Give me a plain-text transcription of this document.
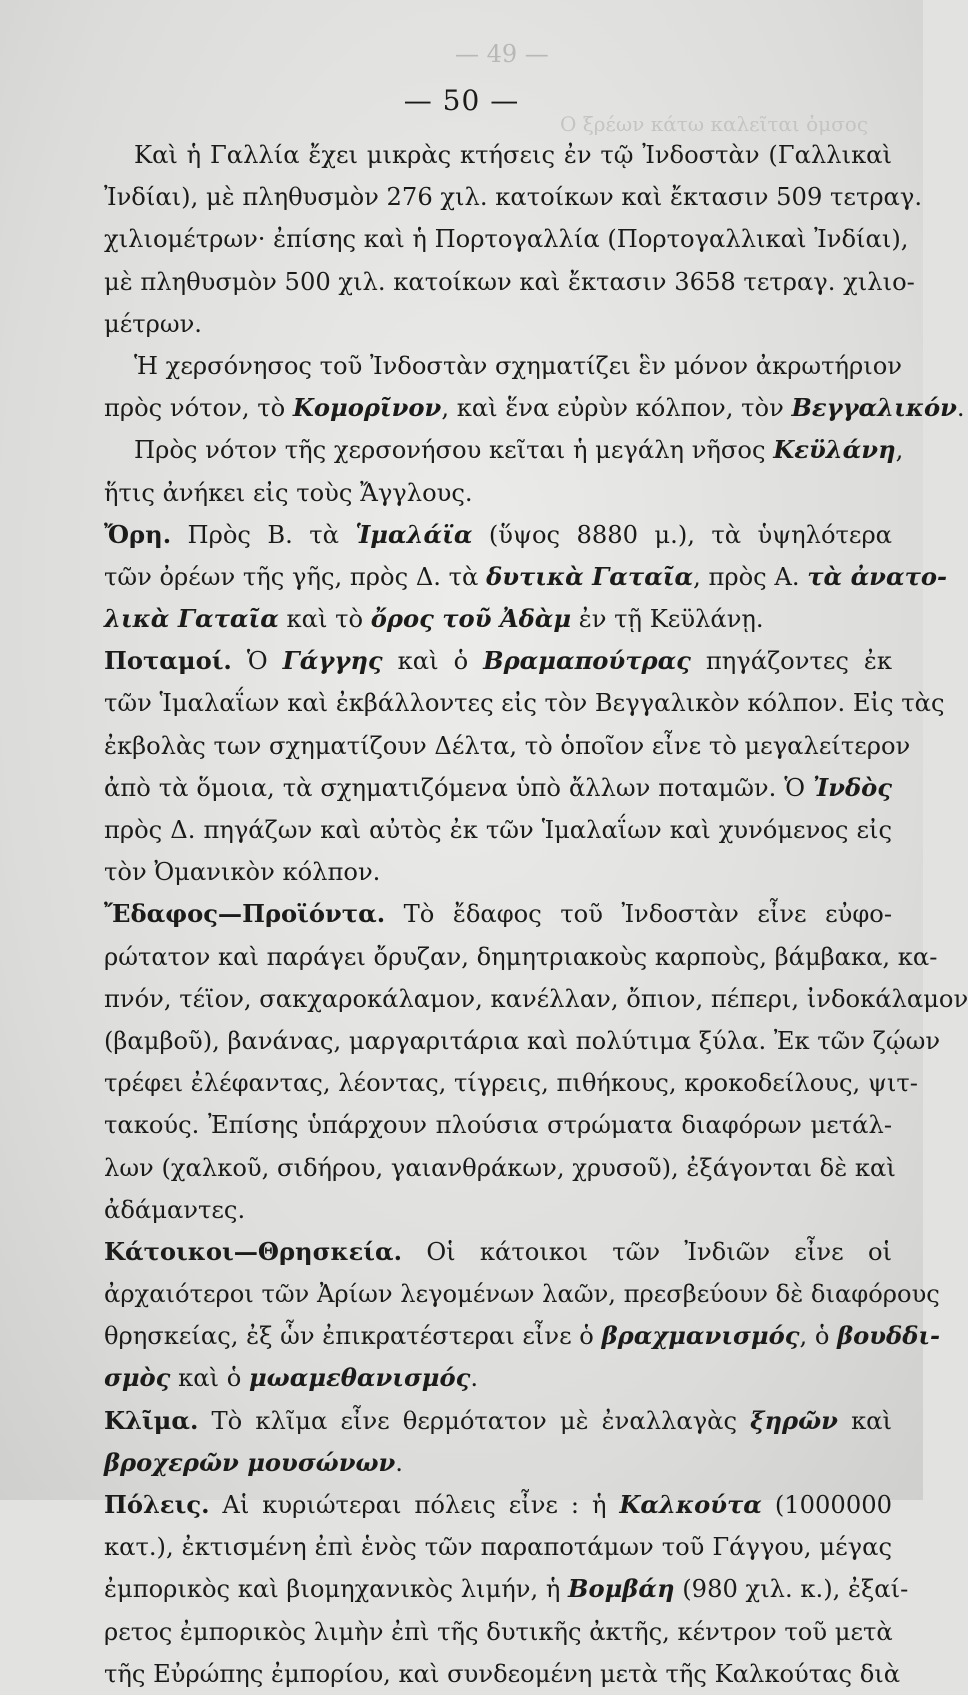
— 49 —
Ο ξρέων κάτω καλεῖται ὁμσος
— 50 —
Καὶ ἡ Γαλλία ἔχει μικρὰς κτήσεις ἐν τῷ Ἰνδοστὰν (Γαλλικαὶ
Ἰνδίαι), μὲ πληθυσμὸν 276 χιλ. κατοίκων καὶ ἔκτασιν 509 τετραγ.
χιλιομέτρων· ἐπίσης καὶ ἡ Πορτογαλλία (Πορτογαλλικαὶ Ἰνδίαι),
μὲ πληθυσμὸν 500 χιλ. κατοίκων καὶ ἔκτασιν 3658 τετραγ. χιλιο-
μέτρων.
Ἡ χερσόνησος τοῦ Ἰνδοστὰν σχηματίζει ἓν μόνον ἀκρωτήριον
πρὸς νότον, τὸ Κομορῖνον, καὶ ἕνα εὐρὺν κόλπον, τὸν Βεγγαλικόν.
Πρὸς νότον τῆς χερσονήσου κεῖται ἡ μεγάλη νῆσος Κεϋλάνη,
ἥτις ἀνήκει εἰς τοὺς Ἄγγλους.
Ὄρη. Πρὸς Β. τὰ Ἱμαλάϊα (ὕψος 8880 μ.), τὰ ὑψηλότερα
τῶν ὀρέων τῆς γῆς, πρὸς Δ. τὰ δυτικὰ Γαταῖα, πρὸς Α. τὰ ἀνατο-
λικὰ Γαταῖα καὶ τὸ ὄρος τοῦ Ἀδὰμ ἐν τῇ Κεϋλάνῃ.
Ποταμοί. Ὁ Γάγγης καὶ ὁ Βραμαπούτρας πηγάζοντες ἐκ
τῶν Ἱμαλαΐων καὶ ἐκβάλλοντες εἰς τὸν Βεγγαλικὸν κόλπον. Εἰς τὰς
ἐκβολὰς των σχηματίζουν Δέλτα, τὸ ὁποῖον εἶνε τὸ μεγαλείτερον
ἀπὸ τὰ ὅμοια, τὰ σχηματιζόμενα ὑπὸ ἄλλων ποταμῶν. Ὁ Ἰνδὸς
πρὸς Δ. πηγάζων καὶ αὐτὸς ἐκ τῶν Ἱμαλαΐων καὶ χυνόμενος εἰς
τὸν Ὀμανικὸν κόλπον.
Ἔδαφος—Προϊόντα. Τὸ ἔδαφος τοῦ Ἰνδοστὰν εἶνε εὐφο-
ρώτατον καὶ παράγει ὄρυζαν, δημητριακοὺς καρποὺς, βάμβακα, κα-
πνόν, τέϊον, σακχαροκάλαμον, κανέλλαν, ὄπιον, πέπερι, ἰνδοκάλαμον
(βαμβοῦ), βανάνας, μαργαριτάρια καὶ πολύτιμα ξύλα. Ἐκ τῶν ζῴων
τρέφει ἐλέφαντας, λέοντας, τίγρεις, πιθήκους, κροκοδείλους, ψιτ-
τακούς. Ἐπίσης ὑπάρχουν πλούσια στρώματα διαφόρων μετάλ-
λων (χαλκοῦ, σιδήρου, γαιανθράκων, χρυσοῦ), ἐξάγονται δὲ καὶ
ἀδάμαντες.
Κάτοικοι—Θρησκεία. Οἱ κάτοικοι τῶν Ἰνδιῶν εἶνε οἱ
ἀρχαιότεροι τῶν Ἀρίων λεγομένων λαῶν, πρεσβεύουν δὲ διαφόρους
θρησκείας, ἐξ ὧν ἐπικρατέστεραι εἶνε ὁ βραχμανισμός, ὁ βουδδι-
σμὸς καὶ ὁ μωαμεθανισμός.
Κλῖμα. Τὸ κλῖμα εἶνε θερμότατον μὲ ἐναλλαγὰς ξηρῶν καὶ
βροχερῶν μουσώνων.
Πόλεις. Αἱ κυριώτεραι πόλεις εἶνε : ἡ Καλκούτα (1000000
κατ.), ἐκτισμένη ἐπὶ ἑνὸς τῶν παραποτάμων τοῦ Γάγγου, μέγας
ἐμπορικὸς καὶ βιομηχανικὸς λιμήν, ἡ Βομβάη (980 χιλ. κ.), ἐξαί-
ρετος ἐμπορικὸς λιμὴν ἐπὶ τῆς δυτικῆς ἀκτῆς, κέντρον τοῦ μετὰ
τῆς Εὐρώπης ἐμπορίου, καὶ συνδεομένη μετὰ τῆς Καλκούτας διὰ
